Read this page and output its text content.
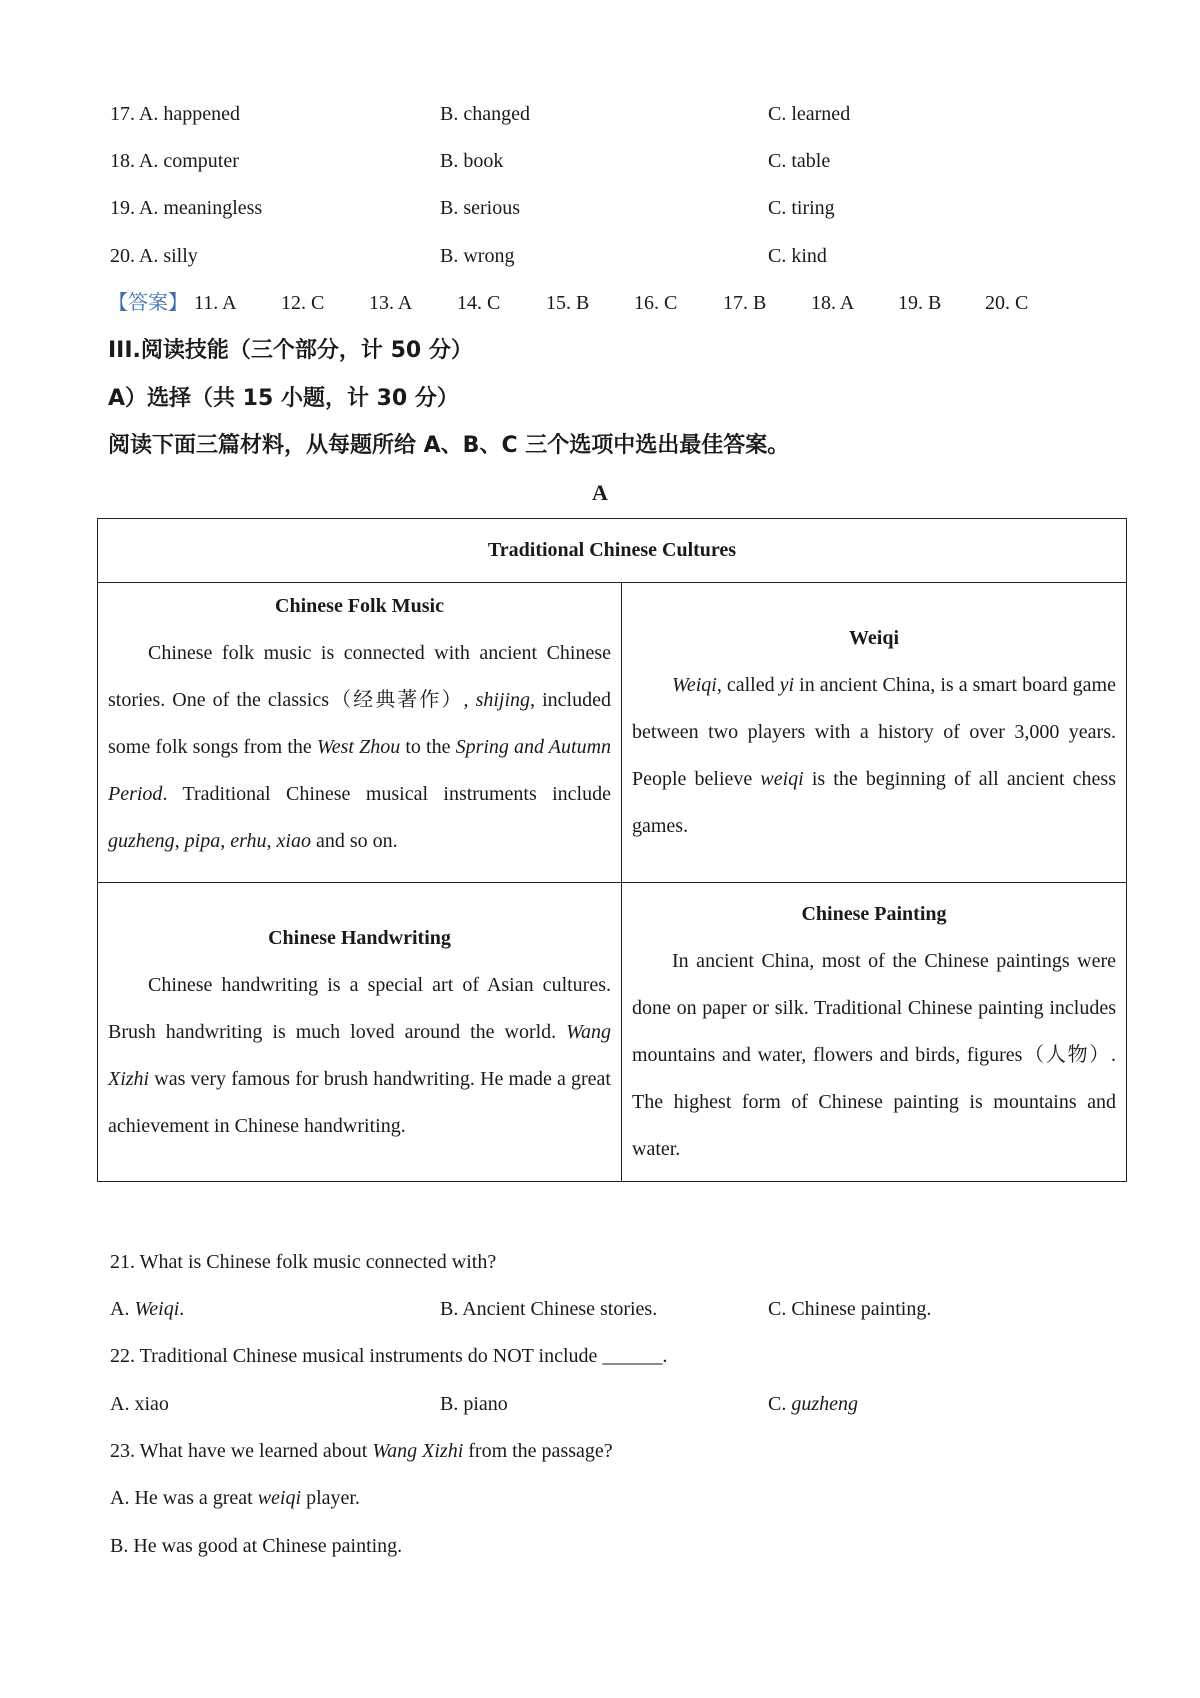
17. A. happened	B. changed	C. learned
18. A. computer	B. book	C. table
19. A. meaningless	B. serious	C. tiring
20. A. silly	B. wrong	C. kind
【答案】 11. A 12. C 13. A 14. C 15. B 16. C 17. B 18. A 19. B 20. C
III.阅读技能（三个部分，计 50 分）
A）选择（共 15 小题，计 30 分）
阅读下面三篇材料，从每题所给 A、B、C 三个选项中选出最佳答案。
A
Traditional Chinese Cultures
Chinese Folk Music

Chinese folk music is connected with ancient Chinese stories. One of the classics（经典著作）, shijing, included some folk songs from the West Zhou to the Spring and Autumn Period. Traditional Chinese musical instruments include guzheng, pipa, erhu, xiao and so on.

Weiqi

Weiqi, called yi in ancient China, is a smart board game between two players with a history of over 3,000 years. People believe weiqi is the beginning of all ancient chess games.

Chinese Handwriting

Chinese handwriting is a special art of Asian cultures. Brush handwriting is much loved around the world. Wang Xizhi was very famous for brush handwriting. He made a great achievement in Chinese handwriting.

Chinese Painting

In ancient China, most of the Chinese paintings were done on paper or silk. Traditional Chinese painting includes mountains and water, flowers and birds, figures（人物）. The highest form of Chinese painting is mountains and water.

21. What is Chinese folk music connected with?
A. Weiqi.	B. Ancient Chinese stories.	C. Chinese painting.
22. Traditional Chinese musical instruments do NOT include ______.
A. xiao	B. piano	C. guzheng
23. What have we learned about Wang Xizhi from the passage?
A. He was a great weiqi player.
B. He was good at Chinese painting.
